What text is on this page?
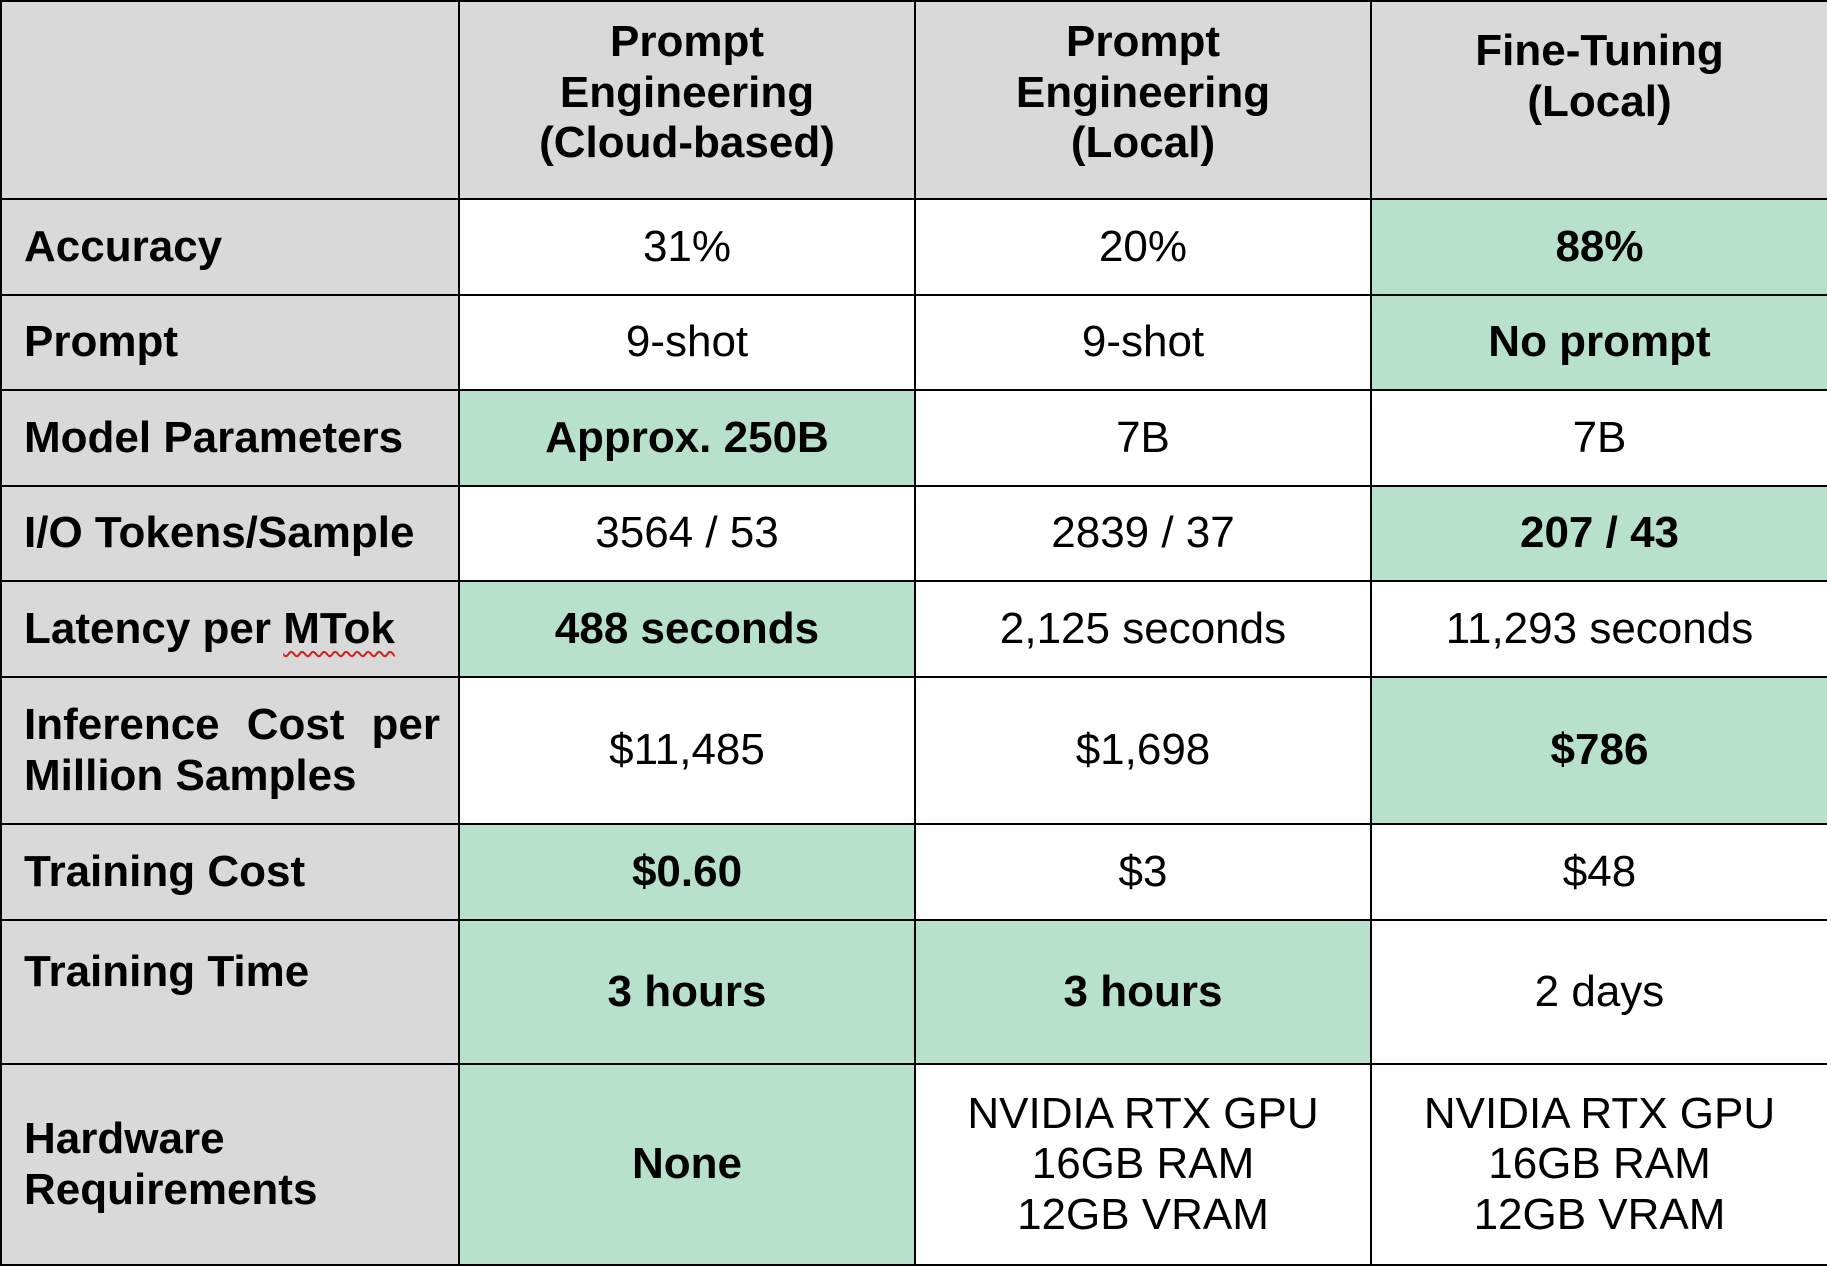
	Prompt
Engineering
(Cloud-based)	Prompt
Engineering
(Local)	Fine-Tuning
(Local)

Accuracy	31%	20%	88%
Prompt	9-shot	9-shot	No prompt
Model Parameters	Approx. 250B	7B	7B
I/O Tokens/Sample	3564 / 53	2839 / 37	207 / 43
Latency per MTok	488 seconds	2,125 seconds	11,293 seconds

Inference Cost per
Million Samples	$11,485	$1,698	$786
Training Cost	$0.60	$3	$48
Training Time	3 hours	3 hours	2 days

Hardware
Requirements	None	NVIDIA RTX GPU
16GB RAM
12GB VRAM	NVIDIA RTX GPU
16GB RAM
12GB VRAM
